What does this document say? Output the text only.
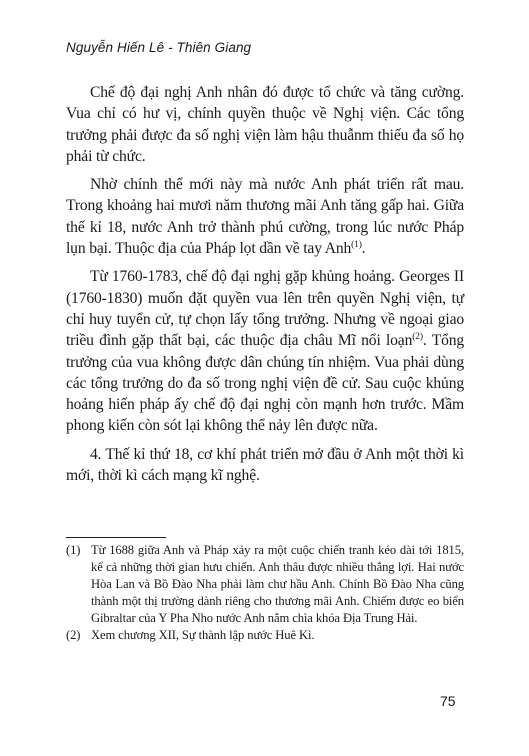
Nguyễn Hiến Lê - Thiên Giang

Chế độ đại nghị Anh nhân đó được tổ chức và tăng cường. Vua chỉ có hư vị, chính quyền thuộc về Nghị viện. Các tổng trưởng phải được đa số nghị viện làm hậu thuẫnm thiếu đa số họ phải từ chức.

Nhờ chính thể mới này mà nước Anh phát triển rất mau. Trong khoảng hai mươi năm thương mãi Anh tăng gấp hai. Giữa thế kỉ 18, nước Anh trở thành phú cường, trong lúc nước Pháp lụn bại. Thuộc địa của Pháp lọt dần về tay Anh$^{(1)}$.

Từ 1760-1783, chế độ đại nghị gặp khủng hoảng. Georges II (1760-1830) muốn đặt quyền vua lên trên quyền Nghị viện, tự chỉ huy tuyển cử, tự chọn lấy tổng trưởng. Nhưng về ngoại giao triều đình gặp thất bại, các thuộc địa châu Mĩ nổi loạn$^{(2)}$. Tổng trưởng của vua không được dân chúng tín nhiệm. Vua phải dùng các tổng trưởng do đa số trong nghị viện đề cử. Sau cuộc khủng hoảng hiến pháp ấy chế độ đại nghị còn mạnh hơn trước. Mầm phong kiến còn sót lại không thể nảy lên được nữa.

4. Thế kỉ thứ 18, cơ khí phát triển mở đầu ở Anh một thời kì mới, thời kì cách mạng kĩ nghệ.

(1) Từ 1688 giữa Anh và Pháp xảy ra một cuộc chiến tranh kéo dài tới 1815, kể cả những thời gian hưu chiến. Anh thâu được nhiều thắng lợi. Hai nước Hòa Lan và Bồ Đào Nha phải làm chư hầu Anh. Chính Bồ Đào Nha cũng thành một thị trường dành riêng cho thương mãi Anh. Chiếm được eo biển Gibraltar của Y Pha Nho nước Anh nắm chìa khóa Địa Trung Hải.
(2) Xem chương XII, Sự thành lập nước Huê Kì.
75
